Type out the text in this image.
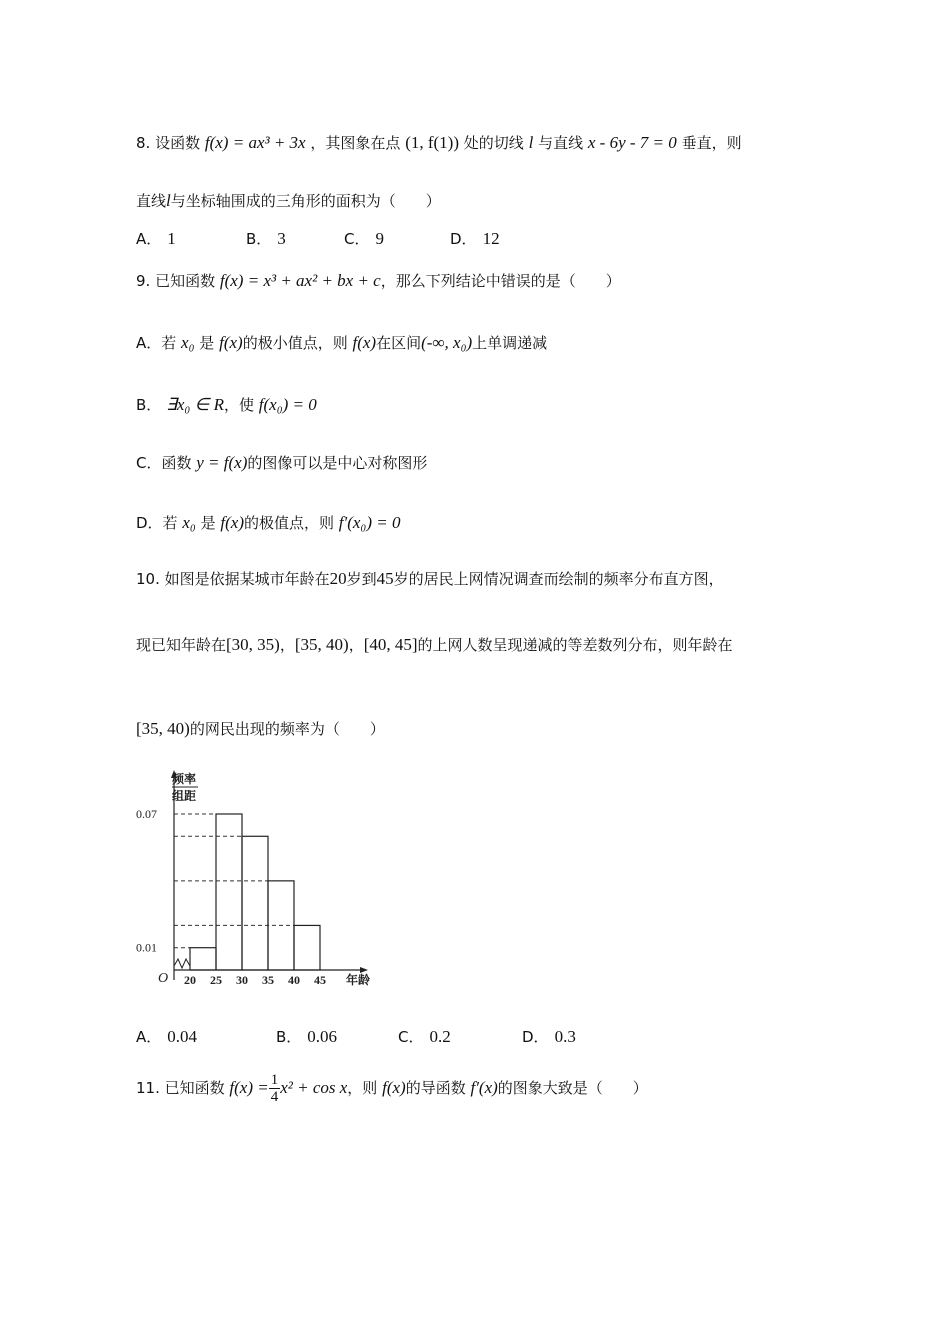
8. 设函数 f(x) = ax³ + 3x ，其图象在点 (1, f(1)) 处的切线 l 与直线 x - 6y - 7 = 0 垂直，则
直线l与坐标轴围成的三角形的面积为（　　）
A． 1	B． 3	C． 9	D． 12
9. 已知函数 f(x) = x³ + ax² + bx + c，那么下列结论中错误的是（　　）
A．若 x₀ 是 f(x)的极小值点，则 f(x)在区间(-∞, x₀)上单调递减
B． ∃x₀ ∈ R，使 f(x₀) = 0
C．函数 y = f(x)的图像可以是中心对称图形
D．若 x₀ 是 f(x)的极值点，则 f′(x₀) = 0
10. 如图是依据某城市年龄在20岁到45岁的居民上网情况调查而绘制的频率分布直方图，
现已知年龄在[30, 35)，[35, 40)，[40, 45]的上网人数呈现递减的等差数列分布，则年龄在
[35, 40)的网民出现的频率为（　　）
O
频率
组距
年龄
20 25 30 35 40 45
0.07
0.01
A． 0.04	B． 0.06	C． 0.2	D． 0.3
11. 已知函数 $f(x) = \frac{1}{4} x^2 + \cos x$，则 f(x)的导函数 f′(x)的图象大致是（　　）
